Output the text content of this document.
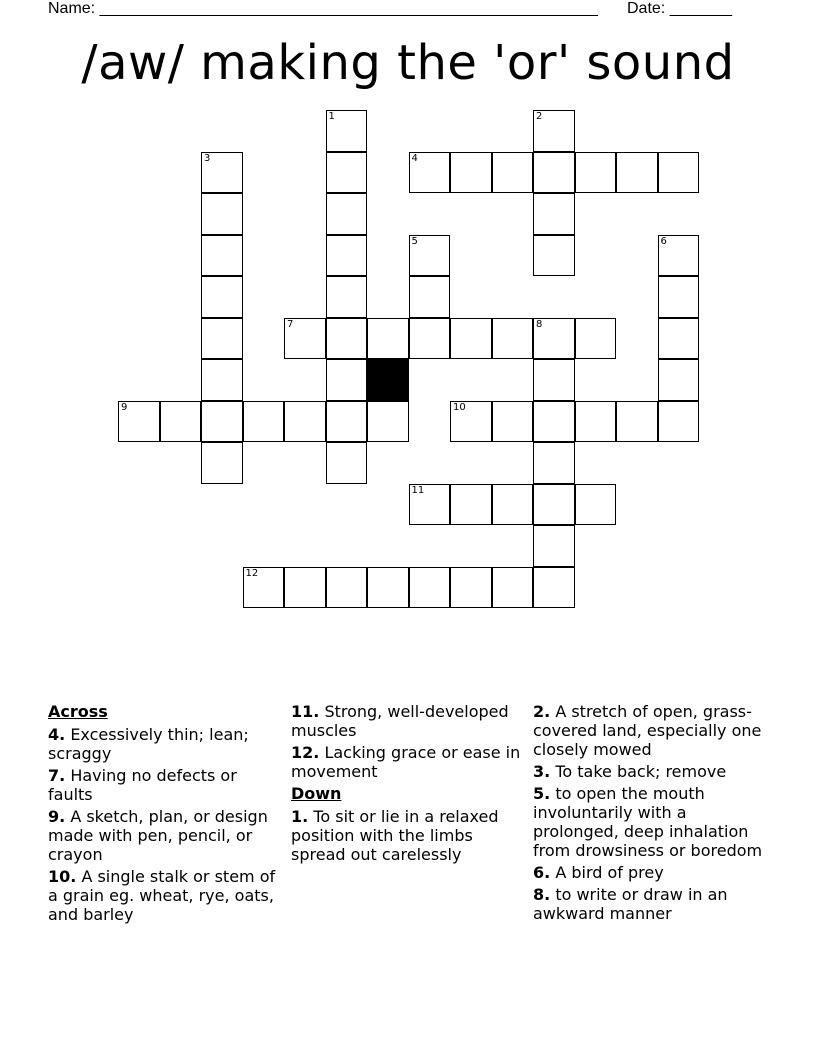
Name: ________________________________________________________ Date: _______
/aw/ making the 'or' sound
1	2
3	4
5	6
7	8
9	10
11
12
Across
4. Excessively thin; lean; scraggy
7. Having no defects or faults
9. A sketch, plan, or design made with pen, pencil, or crayon
10. A single stalk or stem of a grain eg. wheat, rye, oats, and barley
11. Strong, well-developed muscles
12. Lacking grace or ease in movement
Down
1. To sit or lie in a relaxed position with the limbs spread out carelessly
2. A stretch of open, grass-covered land, especially one closely mowed
3. To take back; remove
5. to open the mouth involuntarily with a prolonged, deep inhalation from drowsiness or boredom
6. A bird of prey
8. to write or draw in an awkward manner
